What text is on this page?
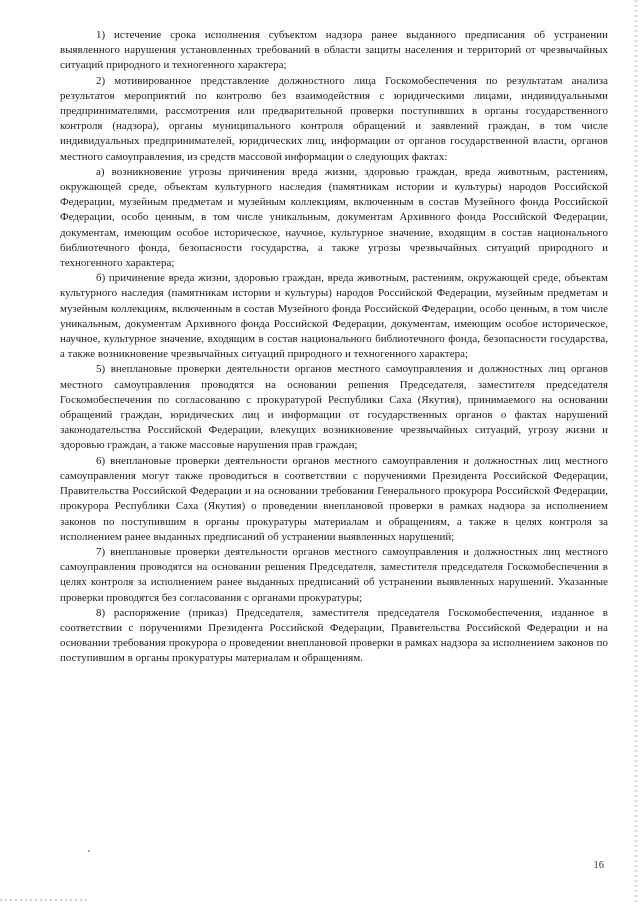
1) истечение срока исполнения субъектом надзора ранее выданного предписания об устранении выявленного нарушения установленных требований в области защиты населения и территорий от чрезвычайных ситуаций природного и техногенного характера;

2) мотивированное представление должностного лица Госкомобеспечения по результатам анализа результатов мероприятий по контролю без взаимодействия с юридическими лицами, индивидуальными предпринимателями, рассмотрения или предварительной проверки поступивших в органы государственного контроля (надзора), органы муниципального контроля обращений и заявлений граждан, в том числе индивидуальных предпринимателей, юридических лиц, информации от органов государственной власти, органов местного самоуправления, из средств массовой информации о следующих фактах:

а) возникновение угрозы причинения вреда жизни, здоровью граждан, вреда животным, растениям, окружающей среде, объектам культурного наследия (памятникам истории и культуры) народов Российской Федерации, музейным предметам и музейным коллекциям, включенным в состав Музейного фонда Российской Федерации, особо ценным, в том числе уникальным, документам Архивного фонда Российской Федерации, документам, имеющим особое историческое, научное, культурное значение, входящим в состав национального библиотечного фонда, безопасности государства, а также угрозы чрезвычайных ситуаций природного и техногенного характера;

б) причинение вреда жизни, здоровью граждан, вреда животным, растениям, окружающей среде, объектам культурного наследия (памятникам истории и культуры) народов Российской Федерации, музейным предметам и музейным коллекциям, включенным в состав Музейного фонда Российской Федерации, особо ценным, в том числе уникальным, документам Архивного фонда Российской Федерации, документам, имеющим особое историческое, научное, культурное значение, входящим в состав национального библиотечного фонда, безопасности государства, а также возникновение чрезвычайных ситуаций природного и техногенного характера;

5) внеплановые проверки деятельности органов местного самоуправления и должностных лиц органов местного самоуправления проводятся на основании решения Председателя, заместителя председателя Госкомобеспечения по согласованию с прокуратурой Республики Саха (Якутия), принимаемого на основании обращений граждан, юридических лиц и информации от государственных органов о фактах нарушений законодательства Российской Федерации, влекущих возникновение чрезвычайных ситуаций, угрозу жизни и здоровью граждан, а также массовые нарушения прав граждан;

6) внеплановые проверки деятельности органов местного самоуправления и должностных лиц местного самоуправления могут также проводиться в соответствии с поручениями Президента Российской Федерации, Правительства Российской Федерации и на основании требования Генерального прокурора Российской Федерации, прокурора Республики Саха (Якутия) о проведении внеплановой проверки в рамках надзора за исполнением законов по поступившим в органы прокуратуры материалам и обращениям, а также в целях контроля за исполнением ранее выданных предписаний об устранении выявленных нарушений;

7) внеплановые проверки деятельности органов местного самоуправления и должностных лиц местного самоуправления проводятся на основании решения Председателя, заместителя председателя Госкомобеспечения в целях контроля за исполнением ранее выданных предписаний об устранении выявленных нарушений. Указанные проверки проводятся без согласования с органами прокуратуры;

8) распоряжение (приказ) Председателя, заместителя председателя Госкомобеспечения, изданное в соответствии с поручениями Президента Российской Федерации, Правительства Российской Федерации и на основании требования прокурора о проведении внеплановой проверки в рамках надзора за исполнением законов по поступившим в органы прокуратуры материалам и обращениям.

16
